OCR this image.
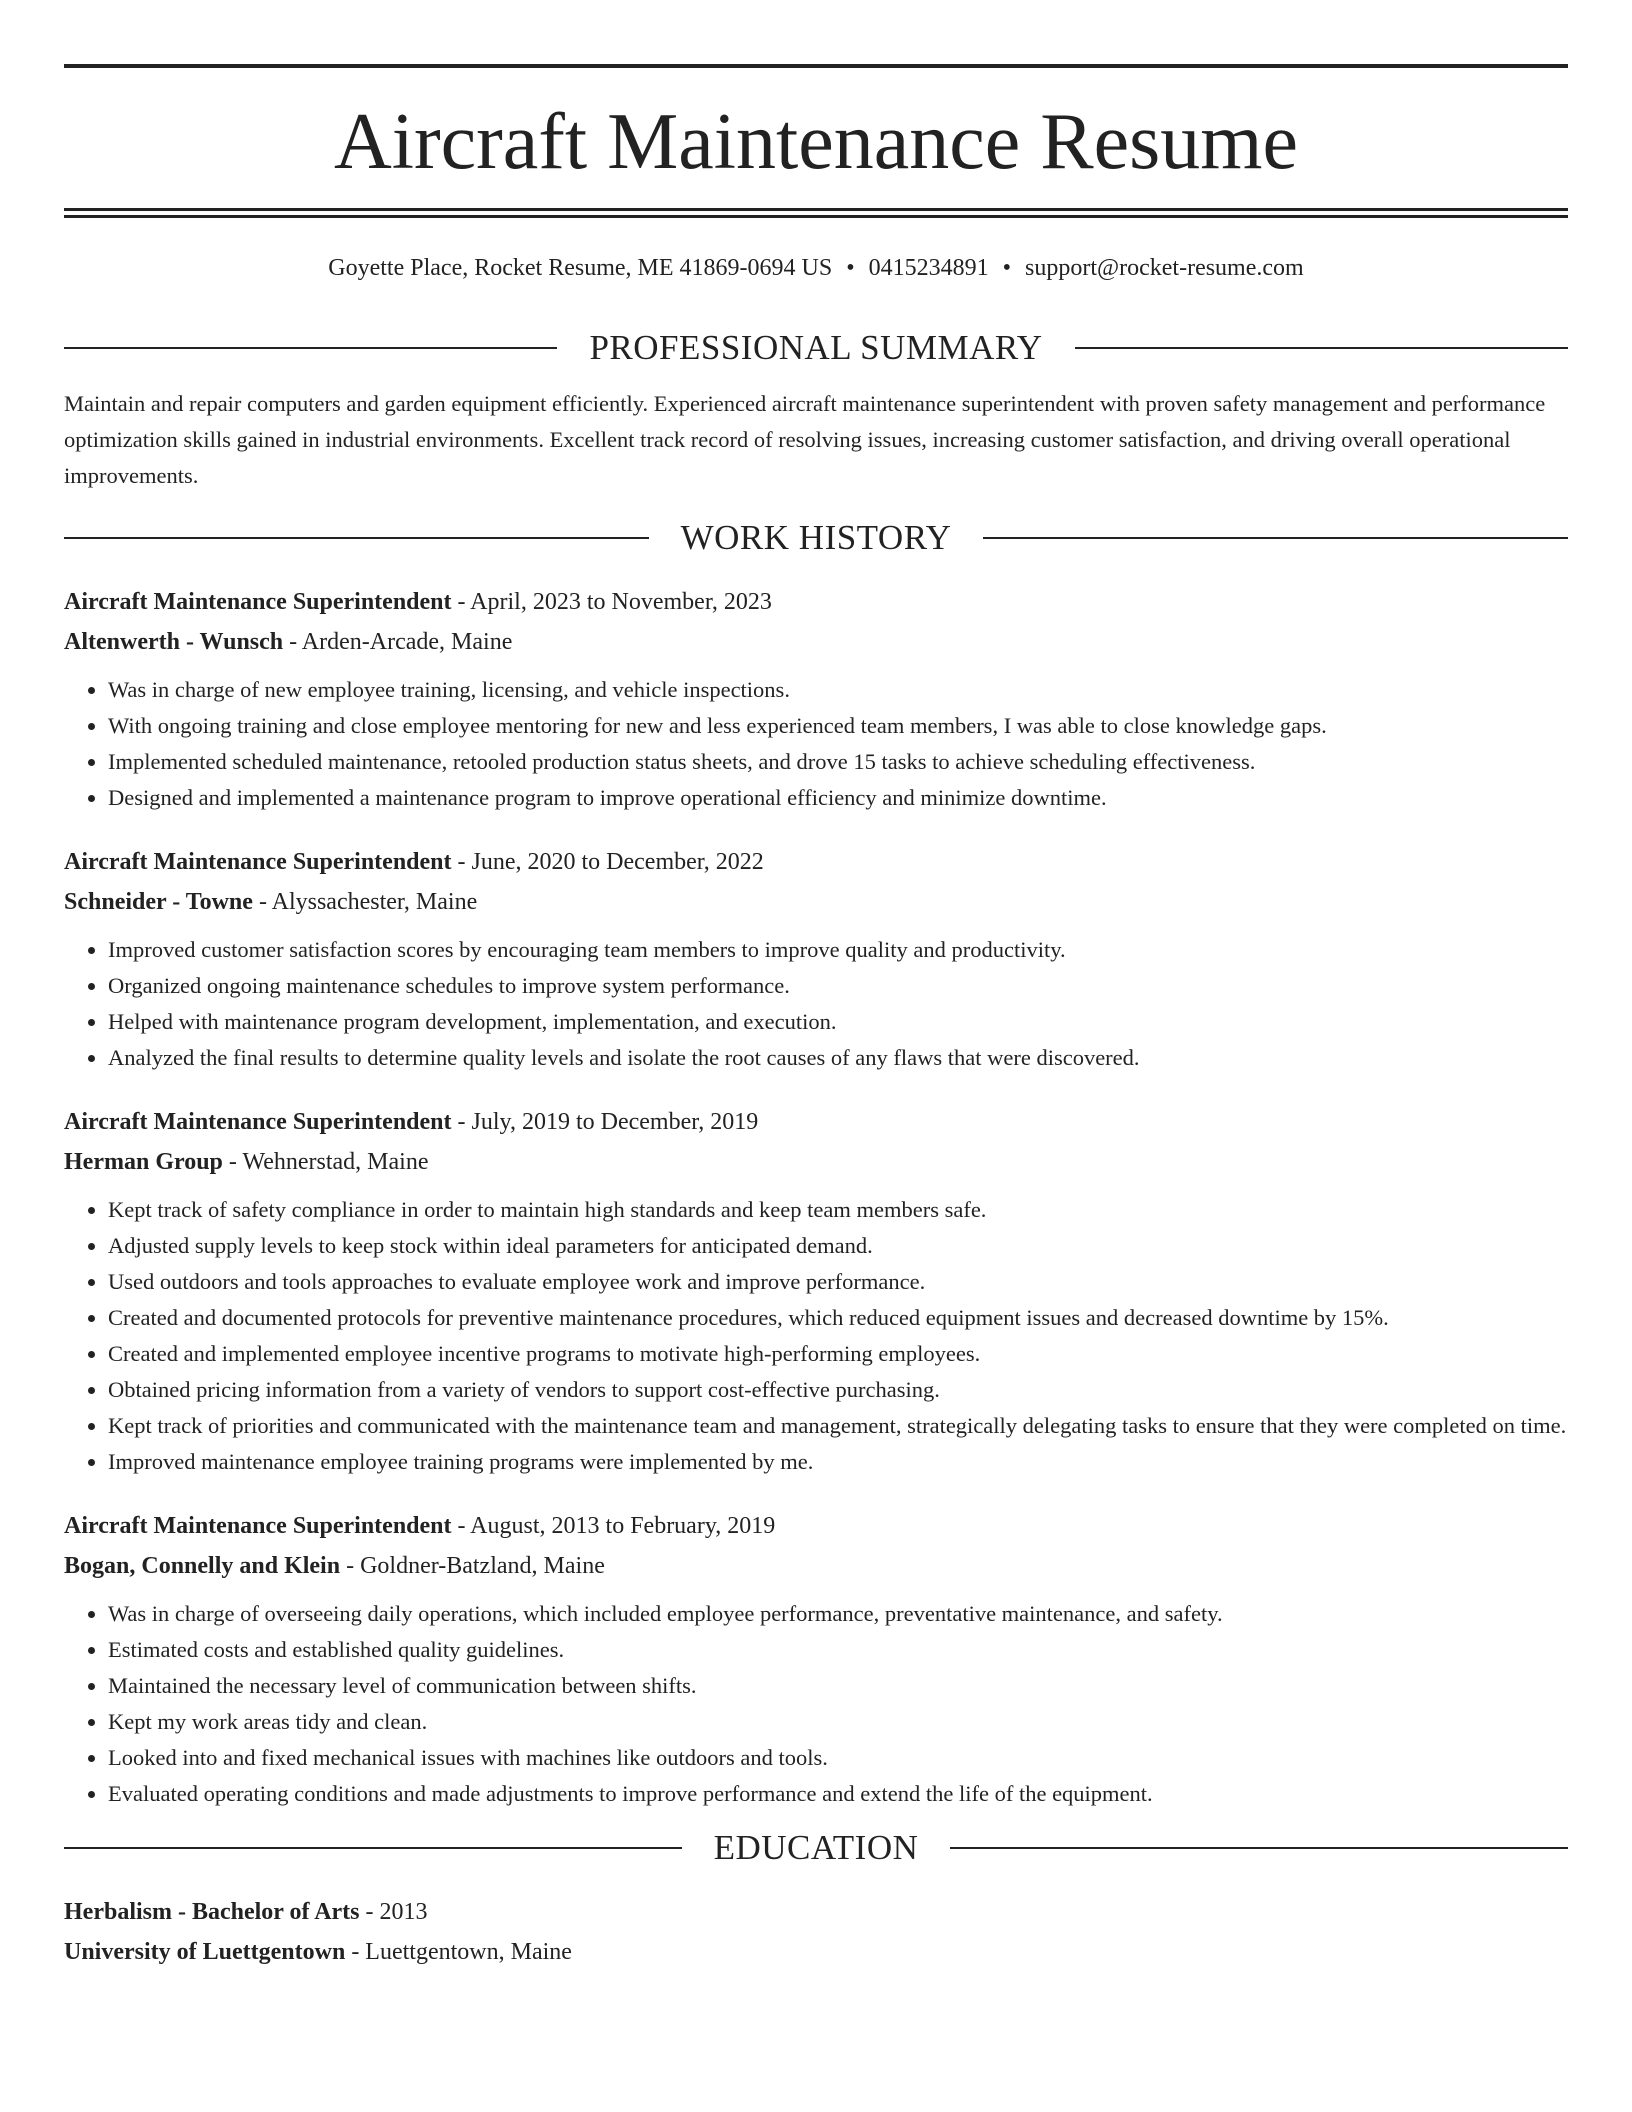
Aircraft Maintenance Resume
Goyette Place, Rocket Resume, ME 41869-0694 US • 0415234891 • support@rocket-resume.com
PROFESSIONAL SUMMARY
Maintain and repair computers and garden equipment efficiently. Experienced aircraft maintenance superintendent with proven safety management and performance optimization skills gained in industrial environments. Excellent track record of resolving issues, increasing customer satisfaction, and driving overall operational improvements.
WORK HISTORY
Aircraft Maintenance Superintendent - April, 2023 to November, 2023
Altenwerth - Wunsch - Arden-Arcade, Maine
• Was in charge of new employee training, licensing, and vehicle inspections.
• With ongoing training and close employee mentoring for new and less experienced team members, I was able to close knowledge gaps.
• Implemented scheduled maintenance, retooled production status sheets, and drove 15 tasks to achieve scheduling effectiveness.
• Designed and implemented a maintenance program to improve operational efficiency and minimize downtime.
Aircraft Maintenance Superintendent - June, 2020 to December, 2022
Schneider - Towne - Alyssachester, Maine
• Improved customer satisfaction scores by encouraging team members to improve quality and productivity.
• Organized ongoing maintenance schedules to improve system performance.
• Helped with maintenance program development, implementation, and execution.
• Analyzed the final results to determine quality levels and isolate the root causes of any flaws that were discovered.
Aircraft Maintenance Superintendent - July, 2019 to December, 2019
Herman Group - Wehnerstad, Maine
• Kept track of safety compliance in order to maintain high standards and keep team members safe.
• Adjusted supply levels to keep stock within ideal parameters for anticipated demand.
• Used outdoors and tools approaches to evaluate employee work and improve performance.
• Created and documented protocols for preventive maintenance procedures, which reduced equipment issues and decreased downtime by 15%.
• Created and implemented employee incentive programs to motivate high-performing employees.
• Obtained pricing information from a variety of vendors to support cost-effective purchasing.
• Kept track of priorities and communicated with the maintenance team and management, strategically delegating tasks to ensure that they were completed on time.
• Improved maintenance employee training programs were implemented by me.
Aircraft Maintenance Superintendent - August, 2013 to February, 2019
Bogan, Connelly and Klein - Goldner-Batzland, Maine
• Was in charge of overseeing daily operations, which included employee performance, preventative maintenance, and safety.
• Estimated costs and established quality guidelines.
• Maintained the necessary level of communication between shifts.
• Kept my work areas tidy and clean.
• Looked into and fixed mechanical issues with machines like outdoors and tools.
• Evaluated operating conditions and made adjustments to improve performance and extend the life of the equipment.
EDUCATION
Herbalism - Bachelor of Arts - 2013
University of Luettgentown - Luettgentown, Maine
